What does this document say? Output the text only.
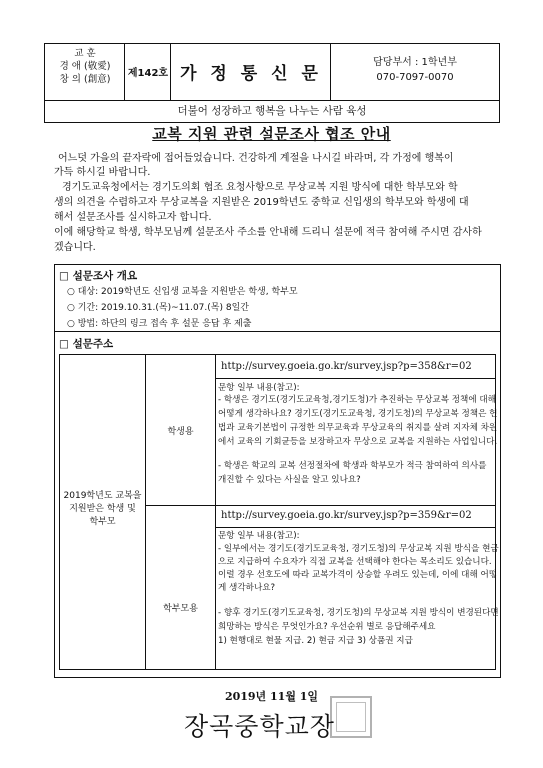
교 훈
경 애 (敬愛)
창 의 (創意)
제142호 가 정 통 신 문
담당부서 : 1학년부
070-7097-0070
더불어 성장하고 행복을 나누는 사람 육성
교복 지원 관련 설문조사 협조 안내
어느덧 가을의 끝자락에 접어들었습니다. 건강하게 계절을 나시길 바라며, 각 가정에 행복이
가득 하시길 바랍니다.
경기도교육청에서는 경기도의회 협조 요청사항으로 무상교복 지원 방식에 대한 학부모와 학
생의 의견을 수렴하고자 무상교복을 지원받은 2019학년도 중학교 신입생의 학부모와 학생에 대
해서 설문조사를 실시하고자 합니다.
이에 해당학교 학생, 학부모님께 설문조사 주소를 안내해 드리니 설문에 적극 참여해 주시면 감사하
겠습니다.
□ 설문조사 개요
○ 대상: 2019학년도 신입생 교복을 지원받은 학생, 학부모
○ 기간: 2019.10.31.(목)~11.07.(목) 8일간
○ 방법: 하단의 링크 접속 후 설문 응답 후 제출
□ 설문주소
2019학년도 교복을
지원받은 학생 및
학부모
학생용
http://survey.goeia.go.kr/survey.jsp?p=358&r=02
문항 일부 내용(참고):
- 학생은 경기도(경기도교육청,경기도청)가 추진하는 무상교복 정책에 대해
어떻게 생각하나요? 경기도(경기도교육청, 경기도청)의 무상교복 정책은 헌
법과 교육기본법이 규정한 의무교육과 무상교육의 취지를 살려 지자체 차원
에서 교육의 기회균등을 보장하고자 무상으로 교복을 지원하는 사업입니다.
- 학생은 학교의 교복 선정절차에 학생과 학부모가 적극 참여하여 의사를
개진할 수 있다는 사실을 알고 있나요?
학부모용
http://survey.goeia.go.kr/survey.jsp?p=359&r=02
문항 일부 내용(참고):
- 일부에서는 경기도(경기도교육청, 경기도청)의 무상교복 지원 방식을 현금
으로 지급하여 수요자가 직접 교복을 선택해야 한다는 목소리도 있습니다.
이럴 경우 선호도에 따라 교복가격이 상승할 우려도 있는데, 이에 대해 어떻
게 생각하나요?
- 향후 경기도(경기도교육청, 경기도청)의 무상교복 지원 방식이 변경된다면
희망하는 방식은 무엇인가요? 우선순위 별로 응답해주세요
1) 현행대로 현물 지급. 2) 현금 지급 3) 상품권 지급
2019년 11월 1일
장곡중학교장
